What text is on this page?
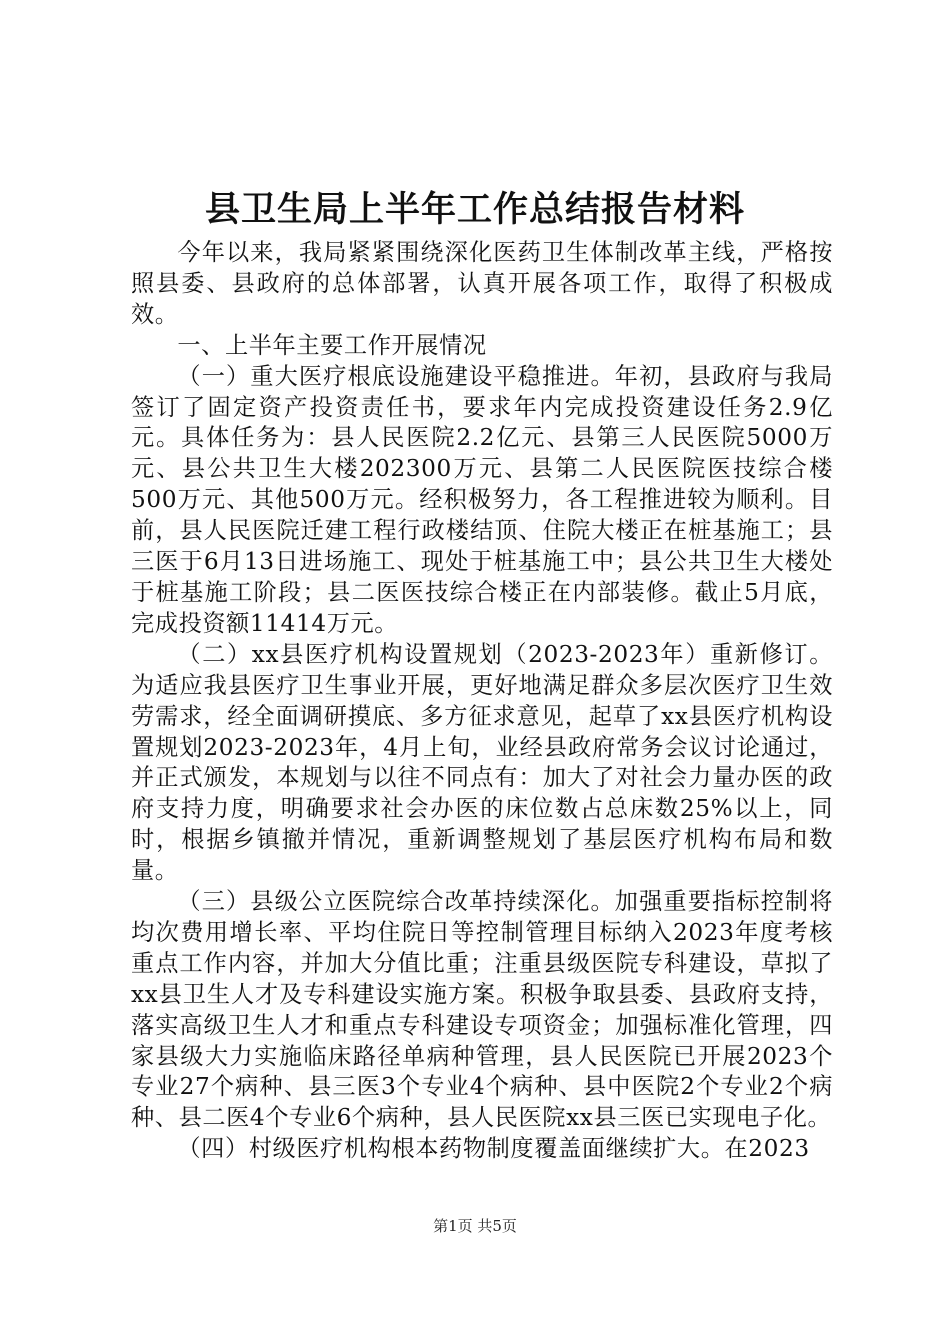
县卫生局上半年工作总结报告材料

今年以来，我局紧紧围绕深化医药卫生体制改革主线，严格按照县委、县政府的总体部署，认真开展各项工作，取得了积极成效。

一、上半年主要工作开展情况

（一）重大医疗根底设施建设平稳推进。年初，县政府与我局签订了固定资产投资责任书，要求年内完成投资建设任务2.9亿元。具体任务为：县人民医院2.2亿元、县第三人民医院5000万元、县公共卫生大楼202300万元、县第二人民医院医技综合楼500万元、其他500万元。经积极努力，各工程推进较为顺利。目前，县人民医院迁建工程行政楼结顶、住院大楼正在桩基施工；县三医于6月13日进场施工、现处于桩基施工中；县公共卫生大楼处于桩基施工阶段；县二医医技综合楼正在内部装修。截止5月底，完成投资额11414万元。

（二）xx县医疗机构设置规划（2023-2023年）重新修订。为适应我县医疗卫生事业开展，更好地满足群众多层次医疗卫生效劳需求，经全面调研摸底、多方征求意见，起草了xx县医疗机构设置规划2023-2023年，4月上旬，业经县政府常务会议讨论通过，并正式颁发，本规划与以往不同点有：加大了对社会力量办医的政府支持力度，明确要求社会办医的床位数占总床数25%以上，同时，根据乡镇撤并情况，重新调整规划了基层医疗机构布局和数量。

（三）县级公立医院综合改革持续深化。加强重要指标控制将均次费用增长率、平均住院日等控制管理目标纳入2023年度考核重点工作内容，并加大分值比重；注重县级医院专科建设，草拟了xx县卫生人才及专科建设实施方案。积极争取县委、县政府支持，落实高级卫生人才和重点专科建设专项资金；加强标准化管理，四家县级大力实施临床路径单病种管理，县人民医院已开展2023个专业27个病种、县三医3个专业4个病种、县中医院2个专业2个病种、县二医4个专业6个病种，县人民医院xx县三医已实现电子化。

（四）村级医疗机构根本药物制度覆盖面继续扩大。在2023

第1页 共5页
